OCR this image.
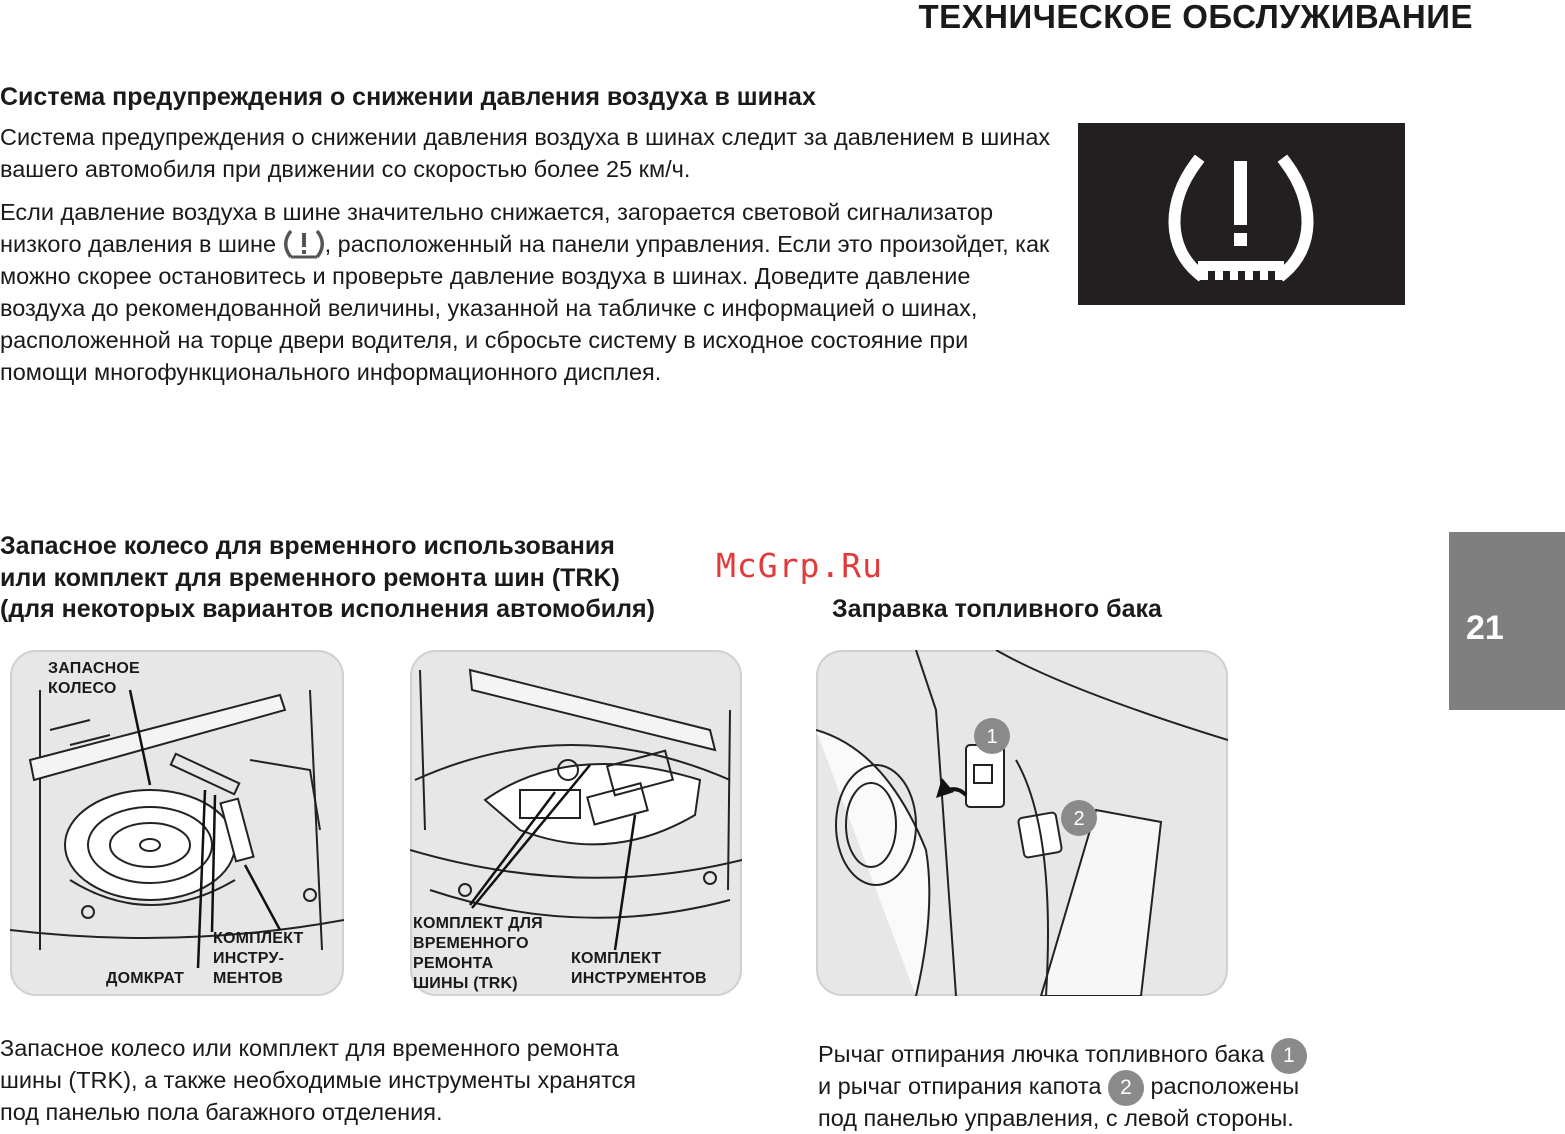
ТЕХНИЧЕСКОЕ ОБСЛУЖИВАНИЕ
Система предупреждения о снижении давления воздуха в шинах
Система предупреждения о снижении давления воздуха в шинах следит за давлением в шинах вашего автомобиля при движении со скоростью более 25 км/ч.
Если давление воздуха в шине значительно снижается, загорается световой сигнализатор низкого давления в шине
, расположенный на панели управления. Если это произойдет, как можно скорее остановитесь и проверьте давление воздуха в шинах. Доведите давление воздуха до рекомендованной величины, указанной на табличке с информацией о шинах, расположенной на торце двери водителя, и сбросьте систему в исходное состояние при помощи многофункционального информационного дисплея.
21
Запасное колесо для временного использования
или комплект для временного ремонта шин (TRK)
(для некоторых вариантов исполнения автомобиля)
McGrp.Ru
Заправка топливного бака
ЗАПАСНОЕ
КОЛЕСО
ДОМКРАТ
КОМПЛЕКТ
ИНСТРУ-
МЕНТОВ
КОМПЛЕКТ ДЛЯ
ВРЕМЕННОГО
РЕМОНТА
ШИНЫ (TRK)
КОМПЛЕКТ
ИНСТРУМЕНТОВ
1
2
Запасное колесо или комплект для временного ремонта
шины (TRK), а также необходимые инструменты хранятся
под панелью пола багажного отделения.
Рычаг отпирания лючка топливного бака 1
и рычаг отпирания капота 2 расположены
под панелью управления, с левой стороны.
